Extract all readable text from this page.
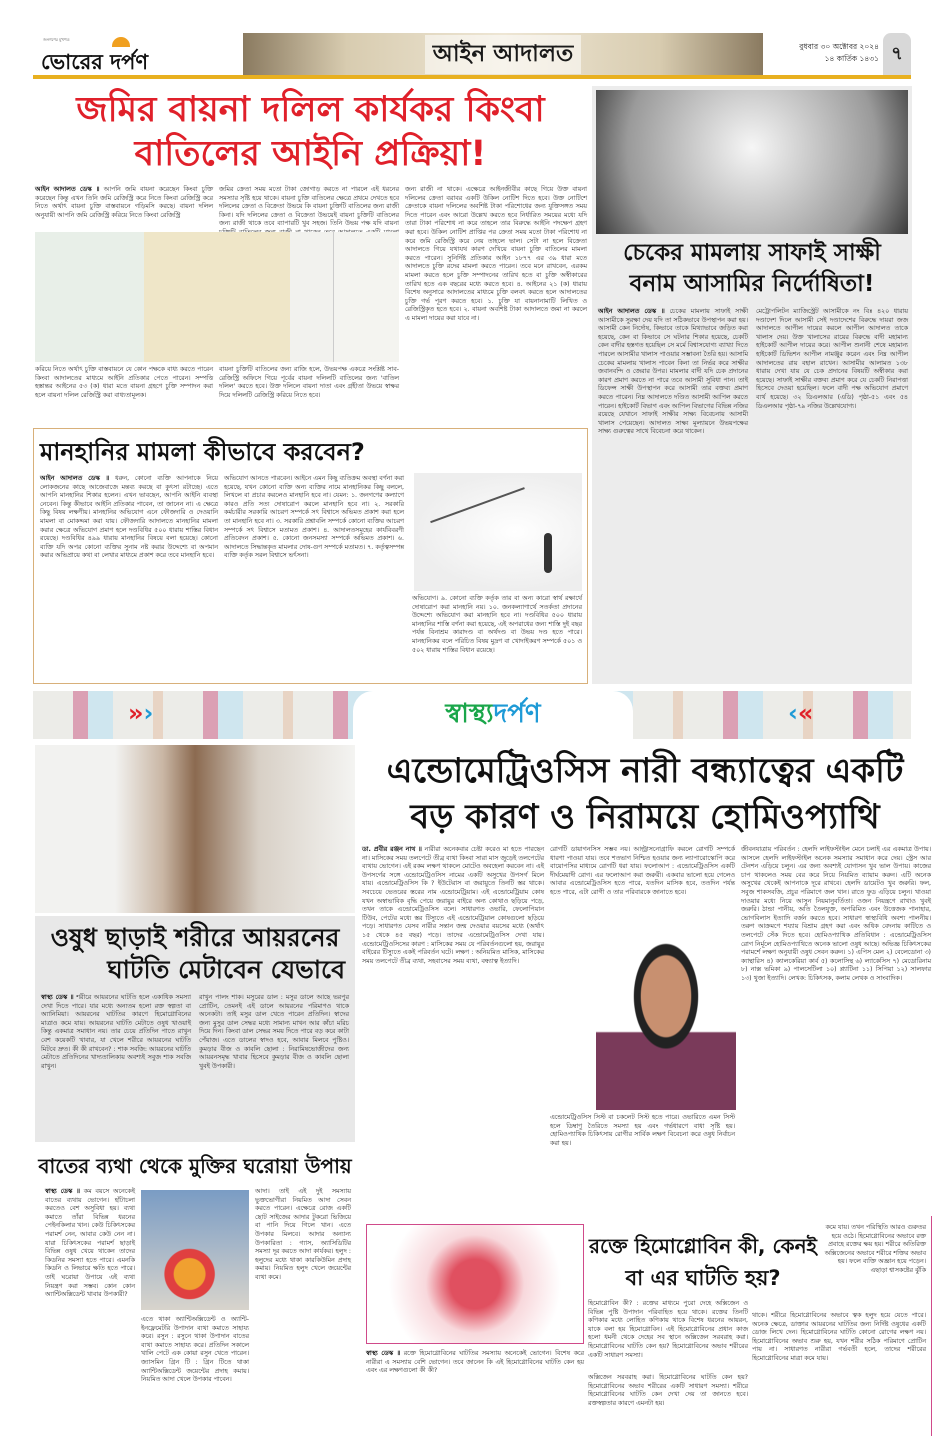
জনগণের মুখপত্র
ভোরের দর্পণ	আইন আদালত	বুধবার ৩০ অক্টোবর ২০২৪
১৪ কার্তিক ১৪৩১ ৭
জমির বায়না দলিল কার্যকর কিংবা
বাতিলের আইনি প্রক্রিয়া!
আইন আদালত ডেস্ক ॥ আপনি জমি বায়না করেছেন কিংবা চুক্তি করেছেন কিন্তু এখন তিনি জমি রেজিস্ট্রি করে নিতে কিংবা রেজিস্ট্রি করে নিতে অর্থাৎ বায়না চুক্তি বাস্তবায়নে গড়িমসি করছে। বায়না দলিল অনুযায়ী আপনি জমি রেজিস্ট্রি করিয়ে নিতে কিংবা রেজিস্ট্রি
জমির ক্রেতা সময় মতো টাকা জোগাড় করতে না পারলে এই ধরনের সমস্যার সৃষ্টি হয়ে থাকে। বায়না চুক্তি বাতিলের ক্ষেত্রে প্রথমে দেখতে হবে দলিলের ক্রেতা ও বিক্রেতা উভয়ে কি বায়না চুক্তিটি বাতিলের জন্য রাজী কিনা। যদি দলিলের ক্রেতা ও বিক্রেতা উভয়েই বায়না চুক্তিটি বাতিলের জন্য রাজী থাকে তবে ব্যাপারটি খুব সহজ। তিনি উভয় পক্ষ যদি বায়না
জন্য রাজী না থাকে। এক্ষেত্রে আইনজীবীর কাছে গিয়ে উক্ত বায়না দলিলের ক্রেতা বরাবর একটি উকিল নোটিশ দিতে হবে। উক্ত নোটিশে ক্রেতাকে বায়না দলিলের অবশিষ্ট টাকা পরিশোধের জন্য যুক্তিসঙ্গত সময় দিতে পারেন এবং আরো উল্লেখ করতে হবে নির্ধারিত সময়ের মধ্যে যদি তারা টাকা পরিশোধ না করে তাহলে তার বিরুদ্ধে আইনি পদক্ষেপ গ্রহণ করা হবে। উকিল নোটিশ প্রাপ্তির পর ক্রেতা সময় মতো টাকা পরিশোধ না করে জমি রেজিস্ট্রি করে নেয় তাহলে ভাল। সেটা না হলে বিক্রেতা আদালতে গিয়ে যথাযথ কারণ দেখিয়ে বায়না চুক্তি বাতিলের মামলা করতে পারেন। সুনির্দিষ্ট প্রতিকার আইন ১৮৭৭ এর ৩৯ ধারা মতে আদালতে চুক্তি রদের মামলা করতে পারেন। তবে মনে রাখবেন, এরকম মামলা করতে হলে চুক্তি সম্পাদনের তারিখ হতে বা চুক্তি অস্বীকারের তারিখ হতে এক বছরের মধ্যে করতে হবে। ৪. আইনের ২১ (ক) ধারায় বিশেষ অনুসারে আদালতের মাধ্যমে চুক্তি বলবৎ করতে হলে আদালতের চুক্তি গর্ভ পূরণ করতে হবে। ১. চুক্তি যা বায়নানামাটি লিখিত ও রেজিস্ট্রিকৃত হতে হবে। ২. বায়না অবশিষ্ট টাকা আদালতে জমা না করলে এ মামলা দায়ের করা যাবে না।
করিয়ে নিতে অর্থাৎ চুক্তি বাস্তবায়নে যে কোন পক্ষকে বাধ্য করতে পারেন কিংবা আদালতের মাধ্যমে আইনি প্রতিকার পেতে পারেন। সম্পত্তি হস্তান্তর আইনের ৫৩ (ক) ধারা মতে বায়না গ্রহণে চুক্তি সম্পাদন করা হলে বায়না দলিল রেজিস্ট্রি করা বাধ্যতামূলক।
বায়না চুক্তিটি বাতিলের জন্য রাজি হলে, উভয়পক্ষ একত্রে সংশ্লিষ্ট সাব-রেজিস্ট্রি অফিসে গিয়ে পূর্বের বায়না দলিলটি বাতিলের জন্য 'বাতিল দলিল' করতে হবে। উক্ত দলিলে বায়না দাতা এবং গ্রহীতা উভয়ে স্বাক্ষর দিয়ে দলিলটি রেজিস্ট্রি করিয়ে নিতে হবে।
চেকের মামলায় সাফাই সাক্ষী
বনাম আসামির নির্দোষিতা!
আইন আদালত ডেস্ক ॥ চেকের মামলায় সাফাই সাক্ষী আসামীকে সুরক্ষা দেয় যদি তা সঠিকভাবে উপস্থাপন করা হয়। আসামী কেন নির্দোষ, কিভাবে তাকে মিথ্যাভাবে জড়িত করা হয়েছে, কেন বা কিভাবে সে ঘটনার শিকার হয়েছে, চেকটি কেন বাদীর হস্তগত হয়েছিল সে মর্মে বিশ্বাসযোগ্য ব্যাখ্যা দিতে পারলে আসামীর খালাস পাওয়ার সম্ভাবনা তৈরি হয়। আসামি চেকের মামলায় খালাস পাবেন কিনা তা নির্ভর করে সাক্ষীর জবানবন্দি ও জেরার উপর। মামলার বাদী যদি চেক প্রদানের কারণ প্রমাণ করতে না পারে তবে আসামী সুবিধা পান। তাই ডিফেন্স সাক্ষী উপস্থাপন করে আসামী তার বক্তব্য প্রমাণ করতে পারেন। নিম্ন আদালতে দণ্ডিত আসামী আপিল করতে পারেন। হাইকোর্ট বিভাগ এবং আপিল বিভাগের বিভিন্ন নজির রয়েছে যেখানে সাফাই সাক্ষীর সাক্ষ্য বিবেচনায় আসামী খালাস পেয়েছেন। আদালত সাক্ষ্য মূল্যায়নে উভয়পক্ষের সাক্ষ্য গুরুত্বের সাথে বিবেচনা করে থাকেন।
মেট্রোপলিটন ম্যাজিস্ট্রেট আসামীকে নং বিঃ ৪২০ ধারায় দণ্ডাদেশ দিলে আসামী সেই দণ্ডাদেশের বিরুদ্ধে দায়রা জজ আদালতে আপীল দায়ের করলে আপীল আদালত তাকে খালাস দেয়। উক্ত খালাসের রায়ের বিরুদ্ধে বাদী মহামান্য হাইকোর্ট আপীল দায়ের করে। আপীল শুনানী শেষে মহামান্য হাইকোর্ট ডিভিশন আপীল নামঞ্জুর করেন এবং নিম্ন আপীল আদালতের রায় বহাল রাখেন। আসামীর আলামত ১৩৮ ধারায় দেখা যায় যে চেক প্রদানের বিষয়টি অস্বীকার করা হয়েছে। সাফাই সাক্ষীর বক্তব্য প্রমাণ করে যে চেকটি নিরাপত্তা হিসেবে দেওয়া হয়েছিল। ফলে বাদী পক্ষ অভিযোগ প্রমাণে ব্যর্থ হয়েছে। ৩২ ডিএলআর (এডি) পৃষ্ঠা-৫১ এবং ৫৪ ডিএলআর পৃষ্ঠা-৭৯ নজির উল্লেখযোগ্য।
মানহানির মামলা কীভাবে করবেন?
আইন আদালত ডেস্ক ॥ ধরুন, কোনো ব্যক্তি আপনাকে নিয়ে লোকজনের কাছে আজেবাজে মন্তব্য করছে বা কুৎসা রটাচ্ছে। এতে আপনি মানহানির শিকার হলেন। এখন ভাবছেন, আপনি আইনি ব্যবস্থা নেবেন। কিন্তু কীভাবে আইনি প্রতিকার পাবেন, তা জানেন না। এ ক্ষেত্রে কিছু বিষয় লক্ষণীয়। মানহানির অভিযোগ এনে ফৌজদারি ও দেওয়ানি মামলা বা মোকদ্দমা করা যায়। ফৌজদারি আদালতে মানহানির মামলা করার ক্ষেত্রে অভিযোগ প্রমাণ হলে দণ্ডবিধির ৫০০ ধারায় শাস্তির বিধান রয়েছে। দণ্ডবিধির ৪৯৯ ধারায় মানহানির বিষয়ে বলা হয়েছে। কোনো ব্যক্তি যদি অপর কোনো ব্যক্তির সুনাম নষ্ট করার উদ্দেশ্যে বা অপমান করার অভিপ্রায়ে কথা বা লেখার মাধ্যমে প্রকাশ করে তবে মানহানি হবে।
অভিযোগ আনতে পারবেন। আইনে এমন কিছু ব্যতিক্রম অবস্থা বর্ণনা করা হয়েছে, যখন কোনো ব্যক্তি অন্য ব্যক্তির নামে মানহানিকর কিছু বললে, লিখলে বা প্রচার করলেও মানহানি হবে না। যেমন: ১. জনগণের কল্যাণে কারও প্রতি সত্য দোষারোপ করলে মানহানি হবে না। ২. সরকারি কর্মচারীর সরকারি আচরণ সম্পর্কে সৎ বিশ্বাসে অভিমত প্রকাশ করা হলে তা মানহানি হবে না। ৩. সরকারি প্রশ্নাবলি সম্পর্কে কোনো ব্যক্তির আচরণ সম্পর্কে সৎ বিশ্বাসে মতামত প্রকাশ। ৪. আদালতসমূহের কার্যবিবরণী প্রতিবেদন প্রকাশ। ৫. কোনো জনসমস্যা সম্পর্কে অভিমত প্রকাশ। ৬. আদালতে সিদ্ধান্তকৃত মামলার দোষ-গুণ সম্পর্কে মতামত। ৭. কর্তৃত্বসম্পন্ন ব্যক্তি কর্তৃক সরল বিশ্বাসে ভর্ৎসনা।
অভিযোগ। ৯. কোনো ব্যক্তি কর্তৃক তার বা অন্য কারো স্বার্থ রক্ষার্থে দোষারোপ করা মানহানি নয়। ১০. জনকল্যাণার্থে সতর্কতা প্রদানের উদ্দেশ্যে অভিযোগ করা মানহানি হবে না। দণ্ডবিধির ৫০০ ধারায় মানহানির শাস্তি বর্ণনা করা হয়েছে, এই অপরাধের জন্য শাস্তি দুই বছর পর্যন্ত বিনাশ্রম কারাদণ্ড বা অর্থদণ্ড বা উভয় দণ্ড হতে পারে। মানহানিকর বলে পরিচিত বিষয় মুদ্রণ বা খোদাইকরণ সম্পর্কে ৫০১ ও ৫০২ ধারায় শাস্তির বিধান রয়েছে।
»›	‹«
স্বাস্থ্যদর্পণ
এন্ডোমেট্রিওসিস নারী বন্ধ্যাত্বের একটি
বড় কারণ ও নিরাময়ে হোমিওপ্যাথি
ডা. প্রবীর রঞ্জন নাথ ॥ নারীরা অনেকবার চেষ্টা করেও মা হতে পারছেন না। মাসিকের সময় তলপেটে তীব্র ব্যথা কিংবা সারা মাস জুড়েই তলপেটের ব্যথায় ভোগেন। এই রকম লক্ষণ থাকলে মোটেও অবহেলা করবেন না। এই উপসর্গের সঙ্গে এন্ডোমেট্রিওসিস নামের একটি অসুখের উপসর্গ মিলে যায়। এন্ডোমেট্রিওসিস কি ? ইউটেরাস বা জরায়ুতে তিনটি স্তর থাকে। সবচেয়ে ভেতরের স্তরের নাম এন্ডোমেট্রিয়াম। এই এন্ডোমেট্রিয়াম কোষ যখন অস্বাভাবিক বৃদ্ধি পেয়ে জরায়ুর বাইরে অন্য কোথাও ছড়িয়ে পড়ে, তখন তাকে এন্ডোমেট্রিওসিস বলে। সাধারণত ওভারি, ফেলোপিয়ান টিউব, পেটের মধ্যে স্তর টিস্যুতে এই এন্ডোমেট্রিয়াল কোষগুলো ছড়িয়ে পড়ে। সাধারণত যেসব নারীর সন্তান জন্ম দেওয়ার বয়সের মধ্যে (অর্থাৎ ১৫ থেকে ৪৫ বছর) পড়ে। তাদের এন্ডোমেট্রিওসিস দেখা যায়। এন্ডোমেট্রিওসিসের কারণ : মাসিকের সময় যে পরিবর্তনগুলো হয়, জরায়ুর বাইরের টিস্যুতে একই পরিবর্তন ঘটে। লক্ষণ : অনিয়মিত মাসিক, মাসিকের সময় তলপেটে তীব্র ব্যথা, সহবাসের সময় ব্যথা, বন্ধ্যাত্ব ইত্যাদি।
রোগটি ডায়াগনসিস সম্ভব নয়। আল্ট্রাসনোগ্রাফি করলে রোগটি সম্পর্কে ধারণা পাওয়া যায়। তবে শতভাগ নিশ্চিত হওয়ার জন্য ল্যাপারোস্কোপি করে বায়োপসির মাধ্যমে রোগটি ধরা যায়। ফলোআপ : এন্ডোমেট্রিওসিস একটি দীর্ঘমেয়াদী রোগ। এর ফলোআপ করা জরুরী। একবার ভালো হয়ে গেলেও আবার এন্ডোমেট্রিওসিস হতে পারে, যতদিন মাসিক হবে, ততদিন পর্যন্ত হতে পারে, এটা রোগী ও তার পরিবারকে জানাতে হবে।
এন্ডোমেট্রিওসিস সিস্ট বা চকলেট সিস্ট হতে পারে। ওভারিতে এমন সিস্ট হলে ডিম্বাণু তৈরিতে সমস্যা হয় এবং গর্ভধারণে বাধা সৃষ্টি হয়। হোমিওপ্যাথিক চিকিৎসায় রোগীর সার্বিক লক্ষণ বিবেচনা করে ওষুধ নির্বাচন করা হয়।
জীবনযাত্রায় পরিবর্তন : হেলদি লাইফস্টাইল মেনে চলাই এর একমাত্র উপায়। আসলে হেলদি লাইফস্টাইল অনেক সমস্যার সমাধান করে দেয়। স্ট্রেস আর টেনশন এড়িয়ে চলুন। এর জন্য অবশ্যই যোগাসন খুব ভাল উপায়। কাজের চাপ থাকলেও সময় বের করে নিয়ে নিয়মিত ব্যায়াম করুন। এটি অনেক অসুখের থেকেই আপনাকে দূরে রাখবে। হেলদি ডায়েটও খুব জরুরি। ফল, সবুজ শাকসবজি, প্রচুর পরিমাণে জল খান। রাতে ফুড এড়িয়ে চলুন। খাওয়া দাওয়ার মধ্যে নিয়ে আসুন নিয়মানুবর্তিতা। ওজন নিয়ন্ত্রণে রাখাও খুবই জরুরি। ঠান্ডা পানীয়, অতি তৈলযুক্ত, অপরিমিত এবং উত্তেজক পানাহার, ভোগবিলাস ইত্যাদি বর্জন করতে হবে। সাধারণ স্বাস্থ্যবিধি অবশ্য পালনীয়। তরুণ আক্রমণে শয্যায় বিশ্রাম গ্রহণ করা এবং অধিক বেদনায় কাটিতে ও তলপেটে সেঁক দিতে হবে। হোমিওপ্যাথিক প্রতিবিধান : এন্ডোমেট্রিওসিস রোগ নির্মূলে হোমিওপ্যাথিতে অনেক ভালো ওষুধ আছে। অভিজ্ঞ চিকিৎসকের পরামর্শে লক্ষণ অনুযায়ী ওষুধ সেবন করুন। ১) এপিস মেল ২) বেলেডোনা ৩) ক্যান্থারিস ৪) ক্যালকেরিয়া কার্ব ৫) কলোসিন্থ ৬) ল্যাকেসিস ৭) মেডোরিনাম ৮) নাক্স ভমিকা ৯) পালসেটিলা ১০) প্ল্যাটিনা ১১) সিপিয়া ১২) সালফার ১৩) থুজা ইত্যাদি। লেখক: চিকিৎসক, কলাম লেখক ও সাংবাদিক।
ওষুধ ছাড়াই শরীরে আয়রনের
ঘাটতি মেটাবেন যেভাবে
স্বাস্থ্য ডেস্ক ॥ শরীরে আয়রনের ঘাটতি হলে একাধিক সমস্যা দেখা দিতে পারে। যার মধ্যে অন্যতম হলো রক্ত স্বল্পতা বা অ্যানিমিয়া। আয়রনের ঘাটতির কারণে হিমোগ্লোবিনের মাত্রাও কমে যায়। আয়রনের ঘাটতি মেটাতে ওষুধ খাওয়াই কিন্তু একমাত্র সমাধান নয়। তার চেয়ে প্রতিদিন পাতে রাখুন বেশ কয়েকটি খাবার, যা খেলে শরীরে আয়রনের ঘাটতি মিটবে দ্রুত। কী কী রাখবেন? : শাক সবজি: আয়রনের ঘাটতি মেটাতে প্রতিদিনের খাদ্যতালিকায় অবশ্যই সবুজ শাক সবজি রাখুন।
রাখুন পালং শাক। মসুরের ডাল : মসুর ডালে আছে ভরপুর প্রোটিন, তেমনই এই ডালে আয়রনের পরিমাণও থাকে অনেকটা। তাই মসুর ডাল খেতে পারেন প্রতিদিন। স্বাদের জন্য মুসুর ডাল সেদ্ধর মধ্যে সামান্য মাখন আর কাঁচা মরিচ দিয়ে দিন। কিংবা ডাল সেদ্ধর সময় দিতে পারে বড় করে কাটা পেঁয়াজ। এতে ডালের স্বাদও হবে, আবার মিলবে পুষ্টিও। কুমড়ার বীজ ও কাবলি ছোলা : নিরামিষভোজীদের জন্য আয়রনসমৃদ্ধ খাবার হিসেবে কুমড়ার বীজ ও কাবলি ছোলা খুবই উপকারী।
বাতের ব্যথা থেকে মুক্তির ঘরোয়া উপায়
স্বাস্থ্য ডেস্ক ॥ কম বয়সে অনেকেই বাতের ব্যথায় ভোগেন। হাঁটাচলা করতেও বেশ অসুবিধা হয়। ব্যথা কমাতে তাঁরা বিভিন্ন ধরনের পেইনকিলার খান। কেউ চিকিৎসকের পরামর্শ নেন, আবার কেউ নেন না। যারা চিকিৎসকের পরামর্শ ছাড়াই বিভিন্ন ওষুধ খেয়ে থাকেন তাদের কিডনির সমস্যা হতে পারে। এমনকি কিডনি ও লিভারে ক্ষতি হতে পারে। তাই ঘরোয়া উপায়ে এই ব্যথা নিয়ন্ত্রণ করা সম্ভব। কোন কোন অ্যান্টিঅক্সিডেন্ট খাবার উপকারী?
এতে থাকা অ্যান্টিঅক্সিডেন্ট ও অ্যান্টি-ইনফ্লেমেটরি উপাদান ব্যথা কমাতে সাহায্য করে। রসুন : রসুনে থাকা উপাদান বাতের ব্যথা কমাতে সাহায্য করে। প্রতিদিন সকালে খালি পেটে এক কোয়া রসুন খেতে পারেন। জ্যাসমিন গ্রিন টি : গ্রিন টিতে থাকা অ্যান্টিঅক্সিডেন্ট জয়েন্টের প্রদাহ কমায়। নিয়মিত আদা খেলে উপকার পাবেন।
আদা। তাই এই দুই সমস্যায় ভুক্তভোগীরা নিয়মিত আদা সেবন করতে পারেন। এক্ষেত্রে রোজ একটি ছোট সাইজের আদার টুকরো ভিজিয়ে বা পানি দিয়ে গিলে খান। এতে উপকার মিলবে। আদার অন্যান্য উপকারিতা : গ্যাস, অ্যাসিডিটির সমস্যা দূর করতে আদা কার্যকর। হলুদ : হলুদের মধ্যে থাকা কারকিউমিন প্রদাহ কমায়। নিয়মিত হলুদ খেলে জয়েন্টের ব্যথা কমে।
রক্তে হিমোগ্লোবিন কী, কেনই
বা এর ঘাটতি হয়?
কমে যায়। তখন পরিস্থিতি আরও গুরুতর হয়ে ওঠে। হিমোগ্লোবিনের অভাবে রক্ত প্রবাহে রক্তের ক্ষয় হয়। শরীরে অতিরিক্ত অক্সিজেনের অভাবে শরীরে শক্তির অভাব হয়। ফলে ব্যক্তি অজ্ঞান হয়ে পড়েন। এছাড়া শ্বাসকষ্টের ঝুঁকি
হিমোগ্লোবিন কী? : রক্তের মাধ্যমে পুরো দেহে অক্সিজেন ও বিভিন্ন পুষ্টি উপাদান পরিবাহিত হয়ে থাকে। রক্তের তিনটি কণিকার মধ্যে লোহিত কণিকায় থাকে বিশেষ ধরনের আয়রন, যাকে বলা হয় হিমোগ্লোবিন। এই হিমোগ্লোবিনের প্রধান কাজ হলো ধমনী থেকে দেহের সব স্থানে অক্সিজেন সরবরাহ করা। হিমোগ্লোবিনের ঘাটতি কেন হয়? হিমোগ্লোবিনের অভাব শরীরের একটি সাধারণ সমস্যা।
থাকে। শরীরে হিমোগ্লোবিনের অভাবে ত্বক হলুদ হয়ে যেতে পারে। অনেক ক্ষেত্রে, ডাক্তার আয়রনের ঘাটতির জন্য নির্দিষ্ট ওষুধের একটি ডোজ লিখে দেন। হিমোগ্লোবিনের ঘাটতি কোনো রোগের লক্ষণ নয়। হিমোগ্লোবিনের অভাব শুরু হয়, যখন শরীর সঠিক পরিমাণে প্রোটিন পায় না। সাধারণত নারীরা গর্ভবতী হলে, তাদের শরীরের হিমোগ্লোবিনের মাত্রা কমে যায়।
স্বাস্থ্য ডেস্ক ॥ রক্তে হিমোগ্লোবিনের ঘাটতির সমস্যায় অনেকেই ভোগেন। বিশেষ করে নারীরা এ সমস্যায় বেশি ভোগেন। তবে জানেন কি এই হিমোগ্লোবিনের ঘাটতি কেন হয় এবং এর লক্ষণগুলো কী কী?
অক্সিজেন সরবরাহ করা। হিমোগ্লোবিনের ঘাটতি কেন হয়? হিমোগ্লোবিনের অভাব শরীরের একটি সাধারণ সমস্যা। শরীরে হিমোগ্লোবিনের ঘাটতি কেন দেখা দেয় তা জানতে হবে। রক্তস্বল্পতার কারণে এমনটা হয়।
